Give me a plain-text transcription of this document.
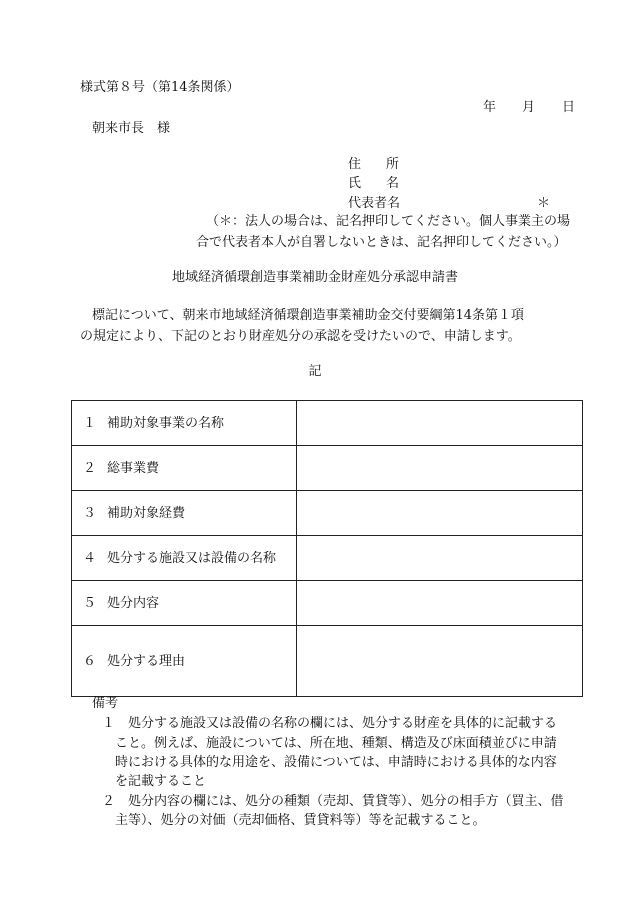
様式第８号（第14条関係）
年 月 日
朝来市長　様
住 所
氏 名
代表者名	＊
（＊：法人の場合は、記名押印してください。個人事業主の場
合で代表者本人が自署しないときは、記名押印してください。）
地域経済循環創造事業補助金財産処分承認申請書
標記について、朝来市地域経済循環創造事業補助金交付要綱第14条第１項
の規定により、下記のとおり財産処分の承認を受けたいので、申請します。
記
１ 補助対象事業の名称	
２ 総事業費	
３ 補助対象経費	
４ 処分する施設又は設備の名称	
５ 処分内容	
６ 処分する理由	
備考
１ 処分する施設又は設備の名称の欄には、処分する財産を具体的に記載する
こと。例えば、施設については、所在地、種類、構造及び床面積並びに申請
時における具体的な用途を、設備については、申請時における具体的な内容
を記載すること
２ 処分内容の欄には、処分の種類（売却、賃貸等）、処分の相手方（買主、借
主等）、処分の対価（売却価格、賃貸料等）等を記載すること。
